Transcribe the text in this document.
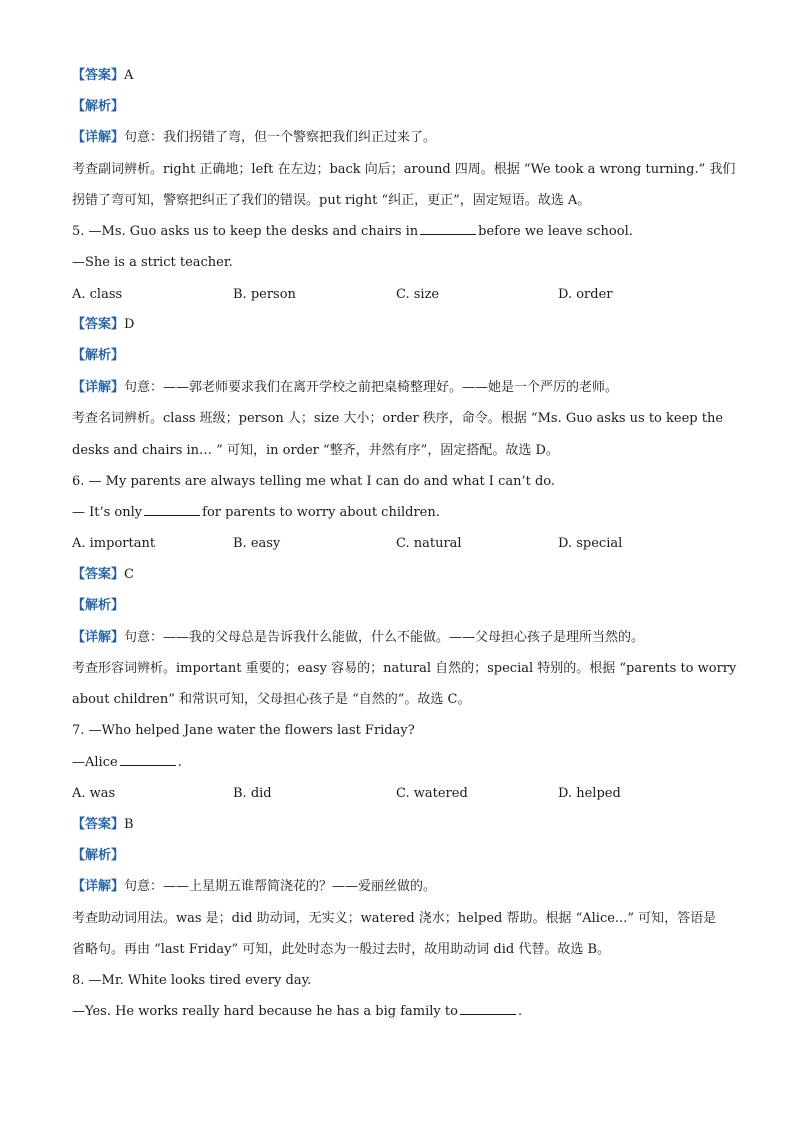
【答案】A
【解析】
【详解】句意：我们拐错了弯，但一个警察把我们纠正过来了。
考查副词辨析。right 正确地；left 在左边；back 向后；around 四周。根据 “We took a wrong turning.” 我们
拐错了弯可知，警察把纠正了我们的错误。put right “纠正，更正”，固定短语。故选 A。
5. —Ms. Guo asks us to keep the desks and chairs in	before we leave school.
—She is a strict teacher.
A. class	B. person	C. size	D. order
【答案】D
【解析】
【详解】句意：——郭老师要求我们在离开学校之前把桌椅整理好。——她是一个严厉的老师。
考查名词辨析。class 班级；person 人；size 大小；order 秩序，命令。根据 “Ms. Guo asks us to keep the
desks and chairs in… ” 可知，in order “整齐，井然有序”，固定搭配。故选 D。
6. — My parents are always telling me what I can do and what I can’t do.
— It’s only	for parents to worry about children.
A. important	B. easy	C. natural	D. special
【答案】C
【解析】
【详解】句意：——我的父母总是告诉我什么能做，什么不能做。——父母担心孩子是理所当然的。
考查形容词辨析。important 重要的；easy 容易的；natural 自然的；special 特别的。根据 “parents to worry
about children” 和常识可知，父母担心孩子是 “自然的”。故选 C。
7. —Who helped Jane water the flowers last Friday?
—Alice	.
A. was	B. did	C. watered	D. helped
【答案】B
【解析】
【详解】句意：——上星期五谁帮简浇花的？——爱丽丝做的。
考查助动词用法。was 是；did 助动词，无实义；watered 浇水；helped 帮助。根据 “Alice...” 可知，答语是
省略句。再由 “last Friday” 可知，此处时态为一般过去时，故用助动词 did 代替。故选 B。
8. —Mr. White looks tired every day.
—Yes. He works really hard because he has a big family to	.
